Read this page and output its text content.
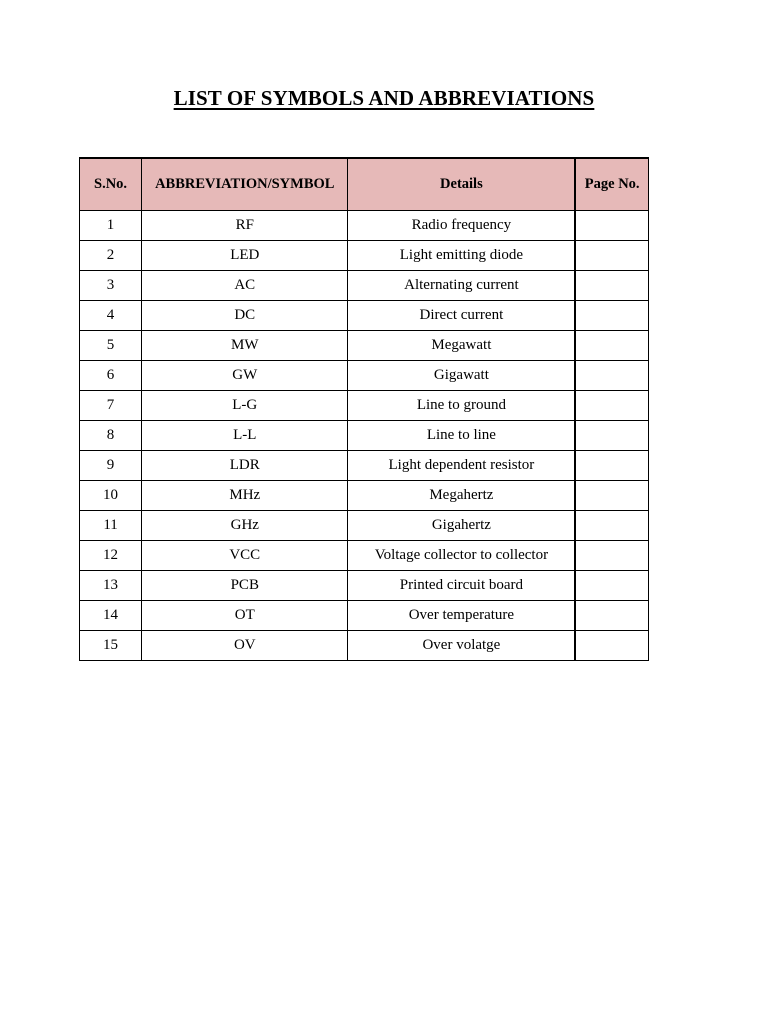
LIST OF SYMBOLS AND ABBREVIATIONS
S.No.	ABBREVIATION/SYMBOL	Details	Page No.
1	RF	Radio frequency	
2	LED	Light emitting diode	
3	AC	Alternating current	
4	DC	Direct current	
5	MW	Megawatt	
6	GW	Gigawatt	
7	L-G	Line to ground	
8	L-L	Line to line	
9	LDR	Light dependent resistor	
10	MHz	Megahertz	
11	GHz	Gigahertz	
12	VCC	Voltage collector to collector	
13	PCB	Printed circuit board	
14	OT	Over temperature	
15	OV	Over volatge	
